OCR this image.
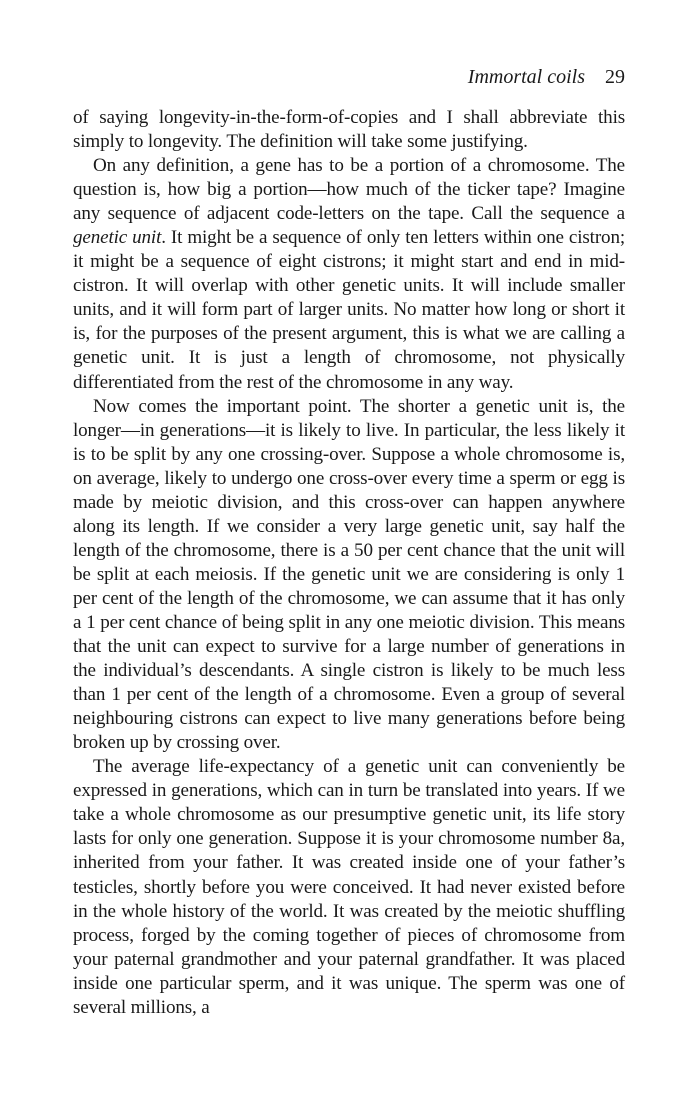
Immortal coils 29

of saying longevity-in-the-form-of-copies and I shall abbreviate this simply to longevity. The definition will take some justifying.

On any definition, a gene has to be a portion of a chromosome. The question is, how big a portion—how much of the ticker tape? Imagine any sequence of adjacent code-letters on the tape. Call the sequence a genetic unit. It might be a sequence of only ten letters within one cistron; it might be a sequence of eight cistrons; it might start and end in mid-cistron. It will overlap with other genetic units. It will include smaller units, and it will form part of larger units. No matter how long or short it is, for the purposes of the present argument, this is what we are calling a genetic unit. It is just a length of chromosome, not physically differentiated from the rest of the chromosome in any way.

Now comes the important point. The shorter a genetic unit is, the longer—in generations—it is likely to live. In particular, the less likely it is to be split by any one crossing-over. Suppose a whole chromosome is, on average, likely to undergo one cross-over every time a sperm or egg is made by meiotic division, and this cross-over can happen anywhere along its length. If we consider a very large genetic unit, say half the length of the chromosome, there is a 50 per cent chance that the unit will be split at each meiosis. If the genetic unit we are considering is only 1 per cent of the length of the chromosome, we can assume that it has only a 1 per cent chance of being split in any one meiotic division. This means that the unit can expect to survive for a large number of generations in the individual’s descendants. A single cistron is likely to be much less than 1 per cent of the length of a chromosome. Even a group of several neighbouring cistrons can expect to live many generations before being broken up by crossing over.

The average life-expectancy of a genetic unit can conveniently be expressed in generations, which can in turn be translated into years. If we take a whole chromosome as our presumptive genetic unit, its life story lasts for only one generation. Suppose it is your chromosome number 8a, inherited from your father. It was created inside one of your father’s testicles, shortly before you were conceived. It had never existed before in the whole history of the world. It was created by the meiotic shuffling process, forged by the coming together of pieces of chromosome from your paternal grandmother and your paternal grandfather. It was placed inside one particular sperm, and it was unique. The sperm was one of several millions, a
